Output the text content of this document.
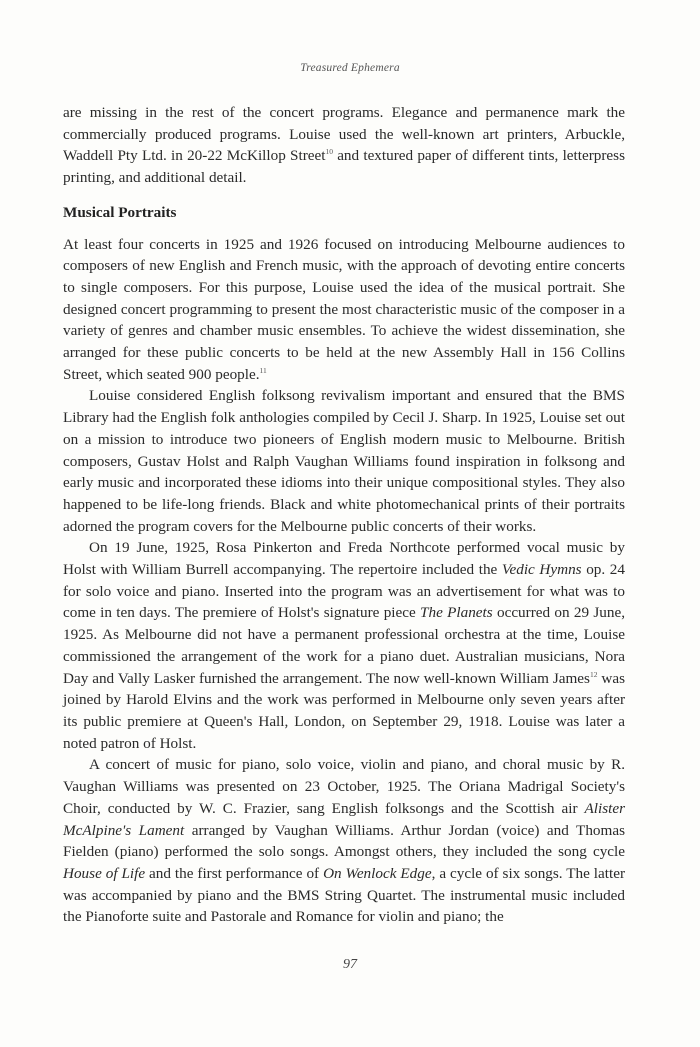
Treasured Ephemera

are missing in the rest of the concert programs. Elegance and permanence mark the commercially produced programs. Louise used the well-known art printers, Arbuckle, Waddell Pty Ltd. in 20-22 McKillop Street$^{10}$ and textured paper of different tints, letterpress printing, and additional detail.

Musical Portraits

At least four concerts in 1925 and 1926 focused on introducing Melbourne audiences to composers of new English and French music, with the approach of devoting entire concerts to single composers. For this purpose, Louise used the idea of the musical portrait. She designed concert programming to present the most characteristic music of the composer in a variety of genres and chamber music ensembles. To achieve the widest dissemination, she arranged for these public concerts to be held at the new Assembly Hall in 156 Collins Street, which seated 900 people.$^{11}$

Louise considered English folksong revivalism important and ensured that the BMS Library had the English folk anthologies compiled by Cecil J. Sharp. In 1925, Louise set out on a mission to introduce two pioneers of English modern music to Melbourne. British composers, Gustav Holst and Ralph Vaughan Williams found inspiration in folksong and early music and incorporated these idioms into their unique compositional styles. They also happened to be life-long friends. Black and white photomechanical prints of their portraits adorned the program covers for the Melbourne public concerts of their works.

On 19 June, 1925, Rosa Pinkerton and Freda Northcote performed vocal music by Holst with William Burrell accompanying. The repertoire included the Vedic Hymns op. 24 for solo voice and piano. Inserted into the program was an advertisement for what was to come in ten days. The premiere of Holst's signature piece The Planets occurred on 29 June, 1925. As Melbourne did not have a permanent professional orchestra at the time, Louise commissioned the arrangement of the work for a piano duet. Australian musicians, Nora Day and Vally Lasker furnished the arrangement. The now well-known William James$^{12}$ was joined by Harold Elvins and the work was performed in Melbourne only seven years after its public premiere at Queen's Hall, London, on September 29, 1918. Louise was later a noted patron of Holst.

A concert of music for piano, solo voice, violin and piano, and choral music by R. Vaughan Williams was presented on 23 October, 1925. The Oriana Madrigal Society's Choir, conducted by W. C. Frazier, sang English folksongs and the Scottish air Alister McAlpine's Lament arranged by Vaughan Williams. Arthur Jordan (voice) and Thomas Fielden (piano) performed the solo songs. Amongst others, they included the song cycle House of Life and the first performance of On Wenlock Edge, a cycle of six songs. The latter was accompanied by piano and the BMS String Quartet. The instrumental music included the Pianoforte suite and Pastorale and Romance for violin and piano; the

97
